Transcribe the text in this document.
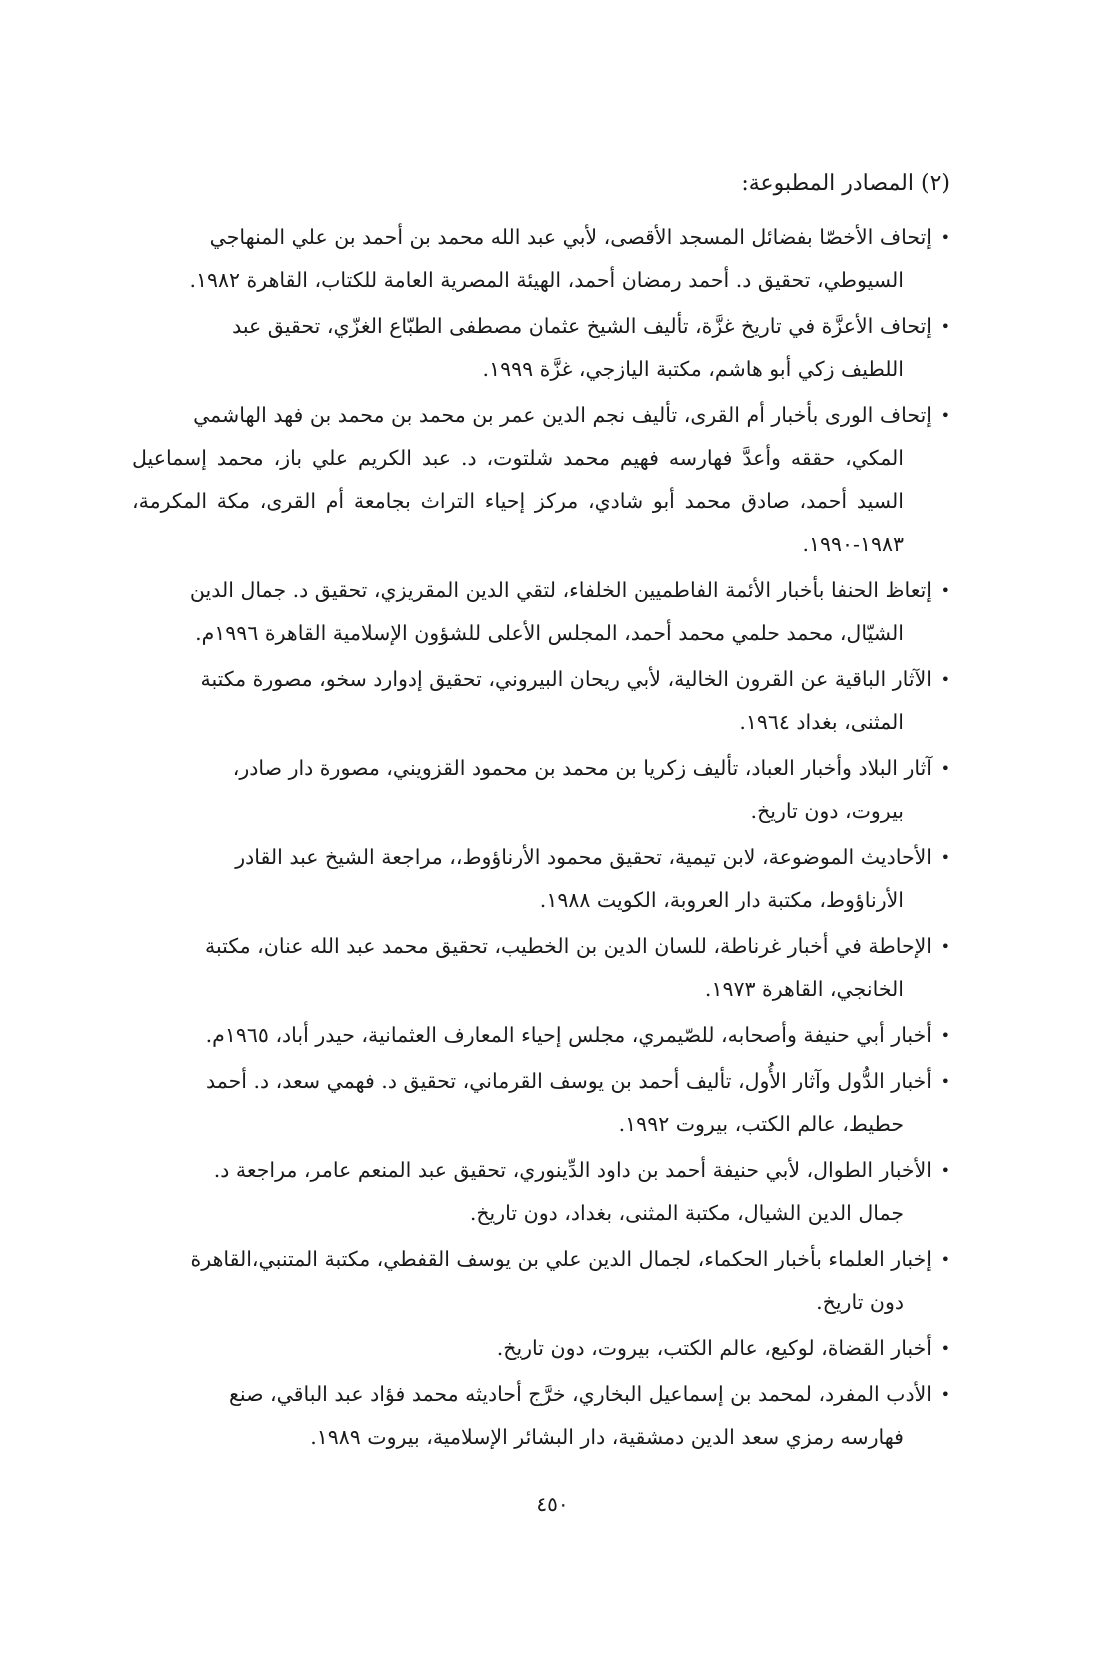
(٢) المصادر المطبوعة:
•
إتحاف الأخصّا بفضائل المسجد الأقصى، لأبي عبد الله محمد بن أحمد بن علي المنهاجي
السيوطي، تحقيق د. أحمد رمضان أحمد، الهيئة المصرية العامة للكتاب، القاهرة ١٩٨٢.
•
إتحاف الأعزَّة في تاريخ غزَّة، تأليف الشيخ عثمان مصطفى الطبّاع الغزّي، تحقيق عبد
اللطيف زكي أبو هاشم، مكتبة اليازجي، غزَّة ١٩٩٩.
•
إتحاف الورى بأخبار أم القرى، تأليف نجم الدين عمر بن محمد بن محمد بن فهد الهاشمي
المكي، حققه وأعدَّ فهارسه فهيم محمد شلتوت، د. عبد الكريم علي باز، محمد إسماعيل السيد أحمد، صادق محمد أبو شادي، مركز إحياء التراث بجامعة أم القرى، مكة المكرمة، ١٩٨٣-١٩٩٠.
•
إتعاظ الحنفا بأخبار الأئمة الفاطميين الخلفاء، لتقي الدين المقريزي، تحقيق د. جمال الدين
الشيّال، محمد حلمي محمد أحمد، المجلس الأعلى للشؤون الإسلامية القاهرة ١٩٩٦م.
•
الآثار الباقية عن القرون الخالية، لأبي ريحان البيروني، تحقيق إدوارد سخو، مصورة مكتبة
المثنى، بغداد ١٩٦٤.
•
آثار البلاد وأخبار العباد، تأليف زكريا بن محمد بن محمود القزويني، مصورة دار صادر،
بيروت، دون تاريخ.
•
الأحاديث الموضوعة، لابن تيمية، تحقيق محمود الأرناؤوط،، مراجعة الشيخ عبد القادر
الأرناؤوط، مكتبة دار العروبة، الكويت ١٩٨٨.
•
الإحاطة في أخبار غرناطة، للسان الدين بن الخطيب، تحقيق محمد عبد الله عنان، مكتبة
الخانجي، القاهرة ١٩٧٣.
•
أخبار أبي حنيفة وأصحابه، للصّيمري، مجلس إحياء المعارف العثمانية، حيدر أباد، ١٩٦٥م.
•
أخبار الدُّول وآثار الأُول، تأليف أحمد بن يوسف القرماني، تحقيق د. فهمي سعد، د. أحمد
حطيط، عالم الكتب، بيروت ١٩٩٢.
•
الأخبار الطوال، لأبي حنيفة أحمد بن داود الدِّينوري، تحقيق عبد المنعم عامر، مراجعة د.
جمال الدين الشيال، مكتبة المثنى، بغداد، دون تاريخ.
•
إخبار العلماء بأخبار الحكماء، لجمال الدين علي بن يوسف القفطي، مكتبة المتنبي،القاهرة
دون تاريخ.
•
أخبار القضاة، لوكيع، عالم الكتب، بيروت، دون تاريخ.
•
الأدب المفرد، لمحمد بن إسماعيل البخاري، خرَّج أحاديثه محمد فؤاد عبد الباقي، صنع
فهارسه رمزي سعد الدين دمشقية، دار البشائر الإسلامية، بيروت ١٩٨٩.
٤٥٠
